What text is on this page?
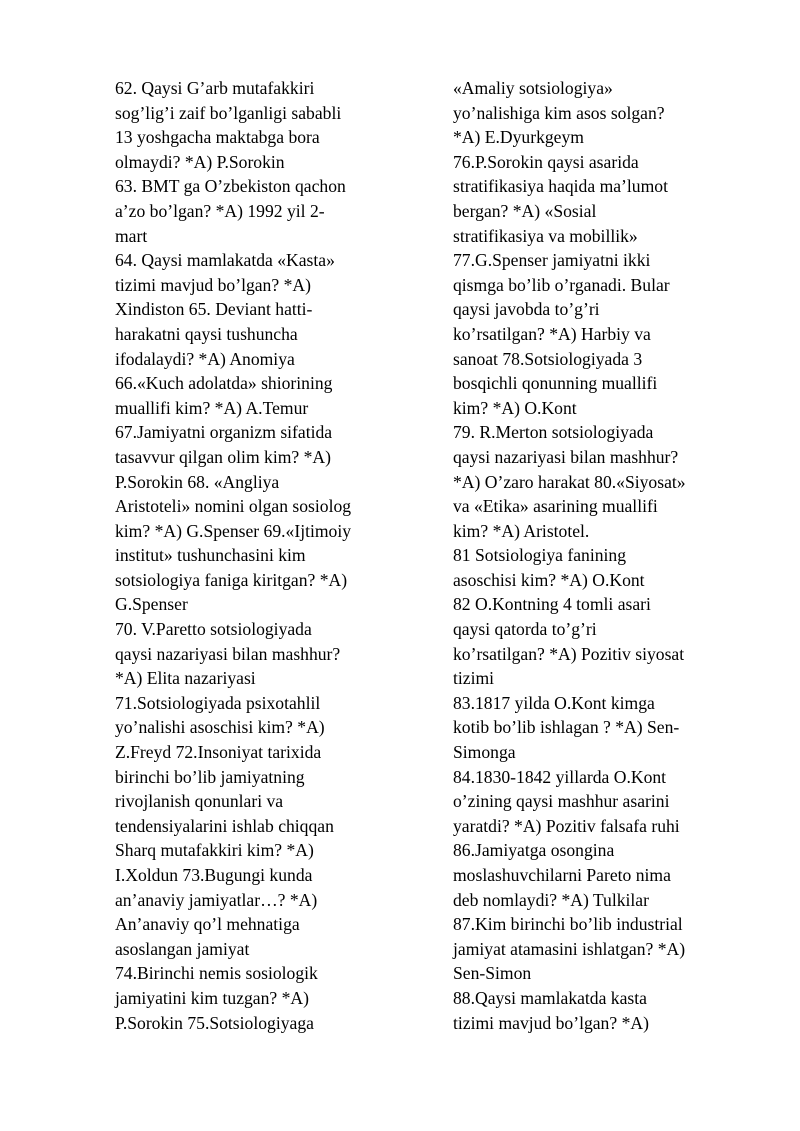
62. Qaysi G’arb mutafakkiri
sog’lig’i zaif bo’lganligi sababli
13 yoshgacha maktabga bora
olmaydi? *A) P.Sorokin
63. BMT ga O’zbekiston qachon
a’zo bo’lgan? *A) 1992 yil 2-
mart
64. Qaysi mamlakatda «Kasta»
tizimi mavjud bo’lgan? *A)
Xindiston 65. Deviant hatti-
harakatni qaysi tushuncha
ifodalaydi? *A) Anomiya
66.«Kuch adolatda» shiorining
muallifi kim? *A) A.Temur
67.Jamiyatni organizm sifatida
tasavvur qilgan olim kim? *A)
P.Sorokin 68. «Angliya
Aristoteli» nomini olgan sosiolog
kim? *A) G.Spenser 69.«Ijtimoiy
institut» tushunchasini kim
sotsiologiya faniga kiritgan? *A)
G.Spenser
70. V.Paretto sotsiologiyada
qaysi nazariyasi bilan mashhur?
*A) Elita nazariyasi
71.Sotsiologiyada psixotahlil
yo’nalishi asoschisi kim? *A)
Z.Freyd 72.Insoniyat tarixida
birinchi bo’lib jamiyatning
rivojlanish qonunlari va
tendensiyalarini ishlab chiqqan
Sharq mutafakkiri kim? *A)
I.Xoldun 73.Bugungi kunda
an’anaviy jamiyatlar…? *A)
An’anaviy qo’l mehnatiga
asoslangan jamiyat
74.Birinchi nemis sosiologik
jamiyatini kim tuzgan? *A)
P.Sorokin 75.Sotsiologiyaga
«Amaliy sotsiologiya»
yo’nalishiga kim asos solgan?
*A) E.Dyurkgeym
76.P.Sorokin qaysi asarida
stratifikasiya haqida ma’lumot
bergan? *A) «Sosial
stratifikasiya va mobillik»
77.G.Spenser jamiyatni ikki
qismga bo’lib o’rganadi. Bular
qaysi javobda to’g’ri
ko’rsatilgan? *A) Harbiy va
sanoat 78.Sotsiologiyada 3
bosqichli qonunning muallifi
kim? *A) O.Kont
79. R.Merton sotsiologiyada
qaysi nazariyasi bilan mashhur?
*A) O’zaro harakat 80.«Siyosat»
va «Etika» asarining muallifi
kim? *A) Aristotel.
81 Sotsiologiya fanining
asoschisi kim? *A) O.Kont
82 O.Kontning 4 tomli asari
qaysi qatorda to’g’ri
ko’rsatilgan? *A) Pozitiv siyosat
tizimi
83.1817 yilda O.Kont kimga
kotib bo’lib ishlagan ? *A) Sen-
Simonga
84.1830-1842 yillarda O.Kont
o’zining qaysi mashhur asarini
yaratdi? *A) Pozitiv falsafa ruhi
86.Jamiyatga osongina
moslashuvchilarni Pareto nima
deb nomlaydi? *A) Tulkilar
87.Kim birinchi bo’lib industrial
jamiyat atamasini ishlatgan? *A)
Sen-Simon
88.Qaysi mamlakatda kasta
tizimi mavjud bo’lgan? *A)
